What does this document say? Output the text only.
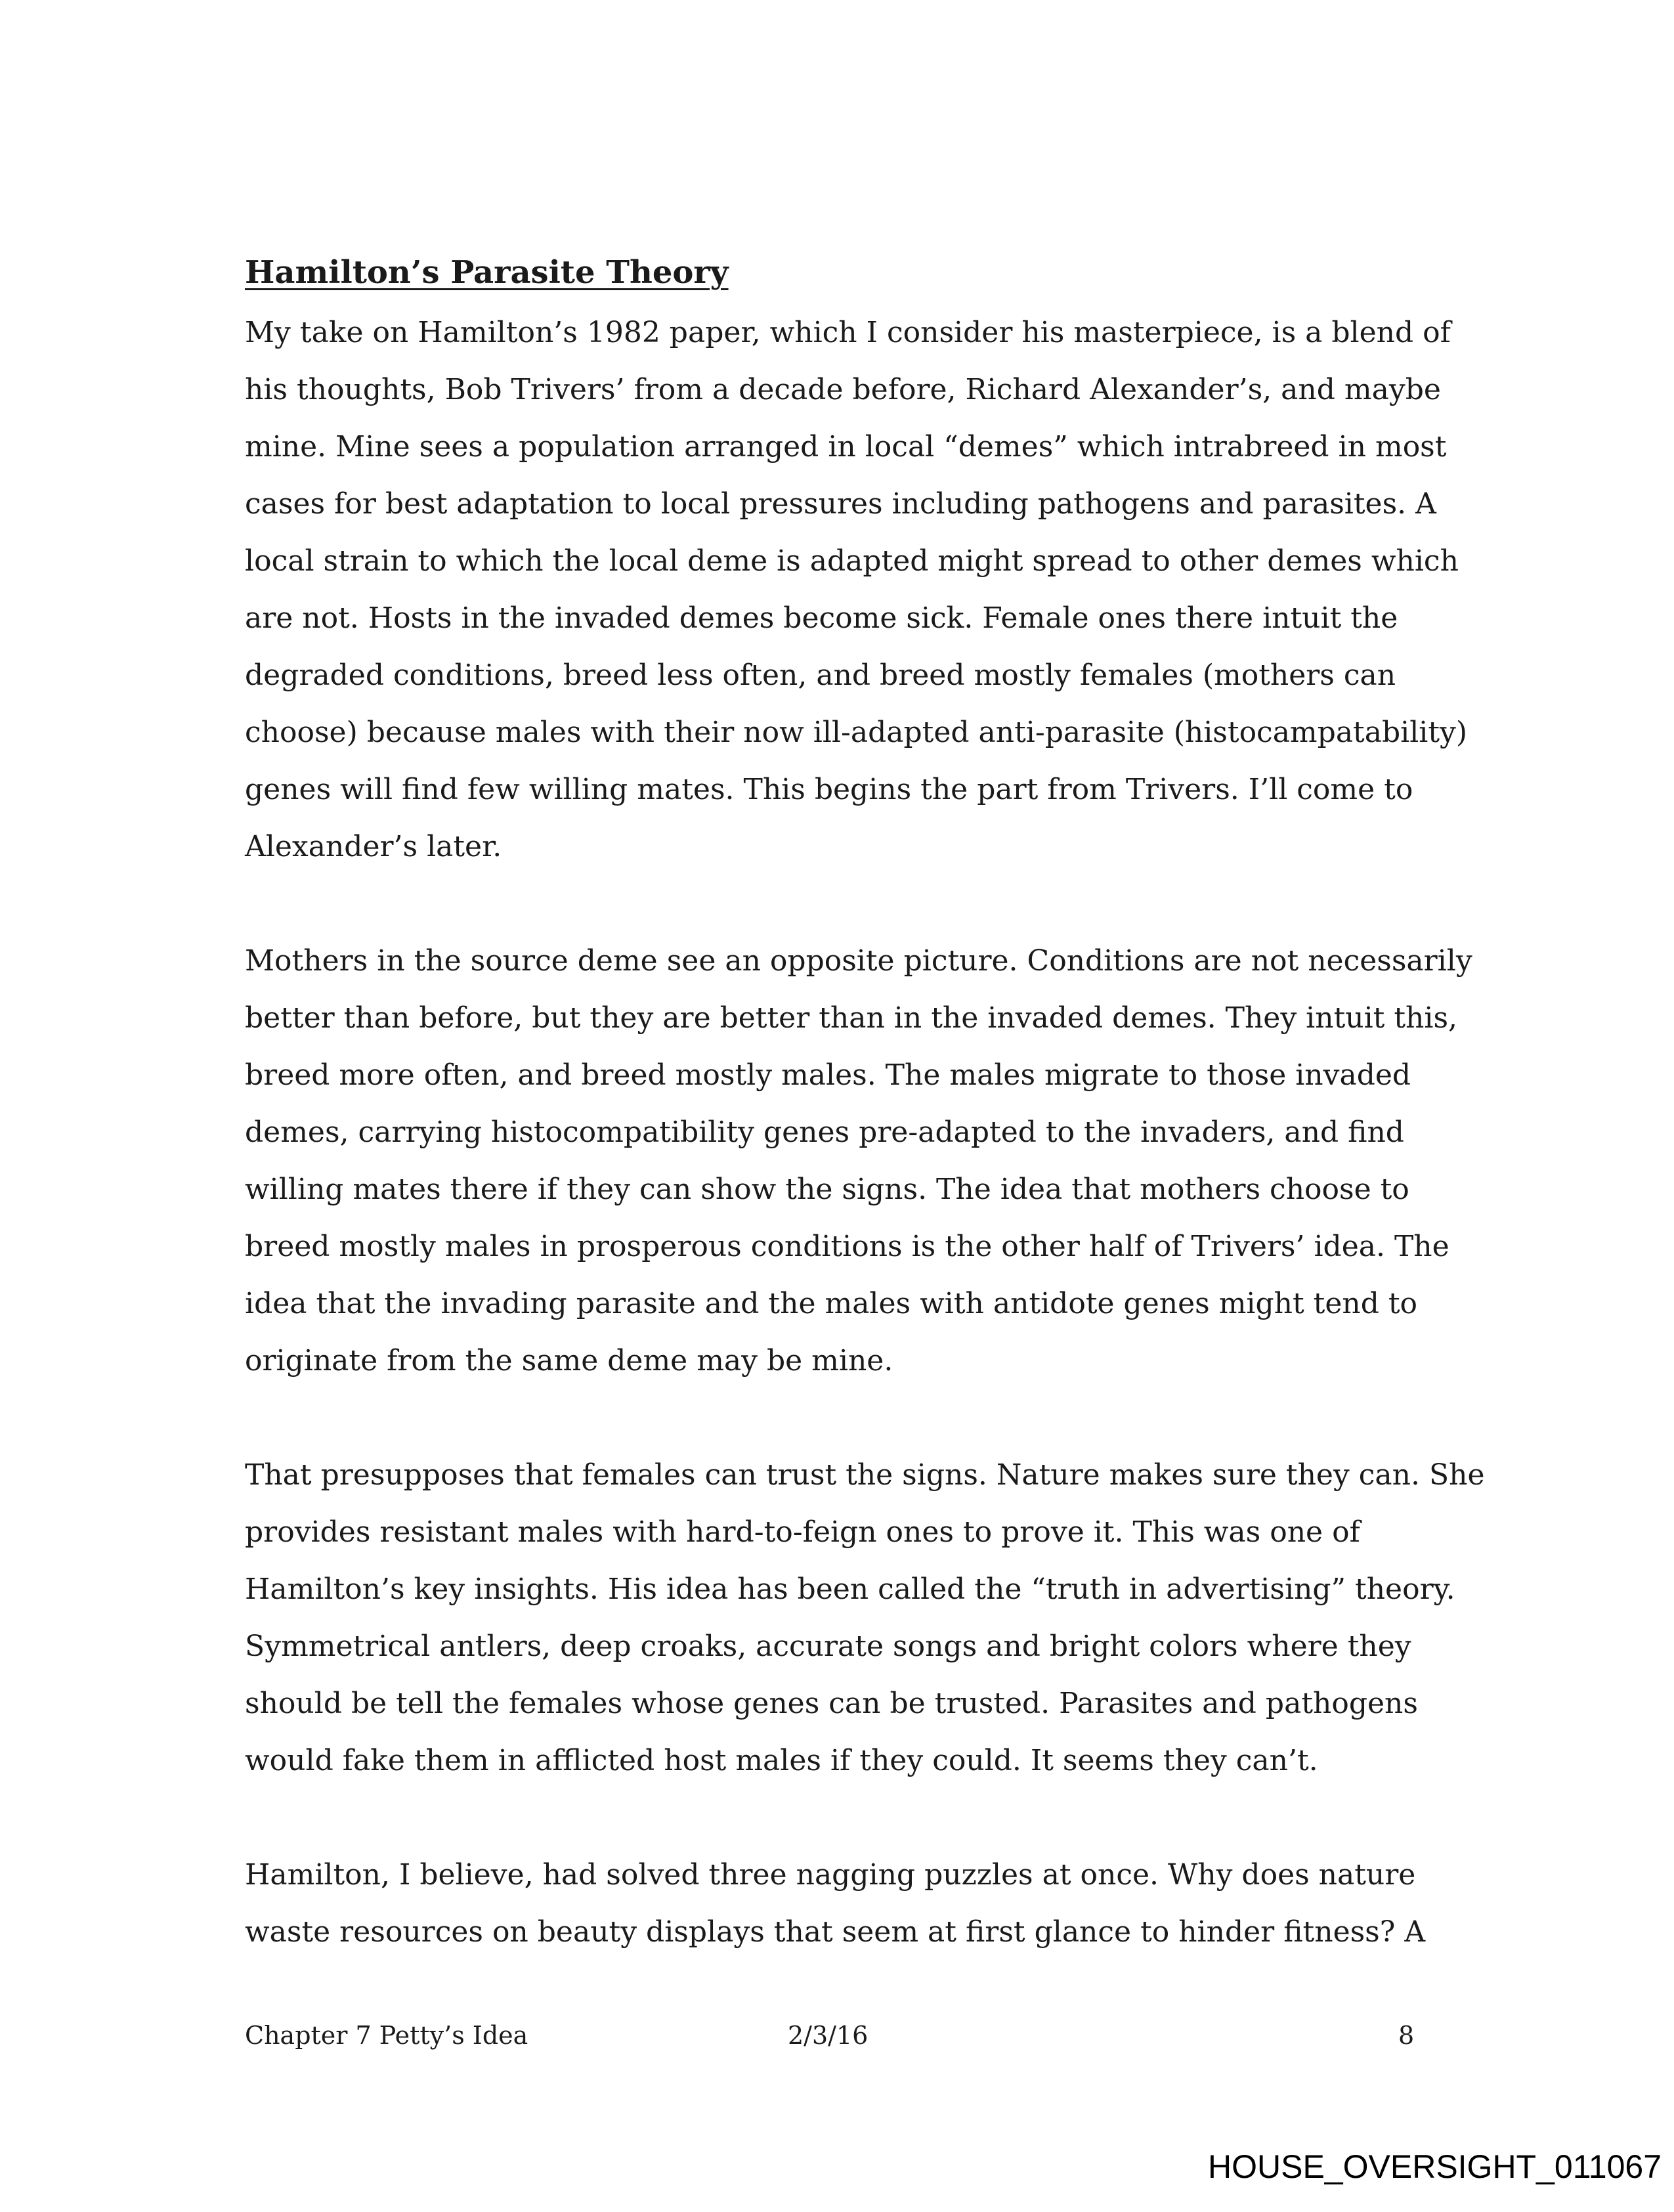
Hamilton’s Parasite Theory
My take on Hamilton’s 1982 paper, which I consider his masterpiece, is a blend of
his thoughts, Bob Trivers’ from a decade before, Richard Alexander’s, and maybe
mine. Mine sees a population arranged in local “demes” which intrabreed in most
cases for best adaptation to local pressures including pathogens and parasites. A
local strain to which the local deme is adapted might spread to other demes which
are not. Hosts in the invaded demes become sick. Female ones there intuit the
degraded conditions, breed less often, and breed mostly females (mothers can
choose) because males with their now ill-adapted anti-parasite (histocampatability)
genes will find few willing mates. This begins the part from Trivers. I’ll come to
Alexander’s later.
Mothers in the source deme see an opposite picture. Conditions are not necessarily
better than before, but they are better than in the invaded demes. They intuit this,
breed more often, and breed mostly males. The males migrate to those invaded
demes, carrying histocompatibility genes pre-adapted to the invaders, and find
willing mates there if they can show the signs. The idea that mothers choose to
breed mostly males in prosperous conditions is the other half of Trivers’ idea. The
idea that the invading parasite and the males with antidote genes might tend to
originate from the same deme may be mine.
That presupposes that females can trust the signs. Nature makes sure they can. She
provides resistant males with hard-to-feign ones to prove it. This was one of
Hamilton’s key insights. His idea has been called the “truth in advertising” theory.
Symmetrical antlers, deep croaks, accurate songs and bright colors where they
should be tell the females whose genes can be trusted. Parasites and pathogens
would fake them in afflicted host males if they could. It seems they can’t.
Hamilton, I believe, had solved three nagging puzzles at once. Why does nature
waste resources on beauty displays that seem at first glance to hinder fitness? A
Chapter 7 Petty’s Idea	2/3/16	8
HOUSE_OVERSIGHT_011067
